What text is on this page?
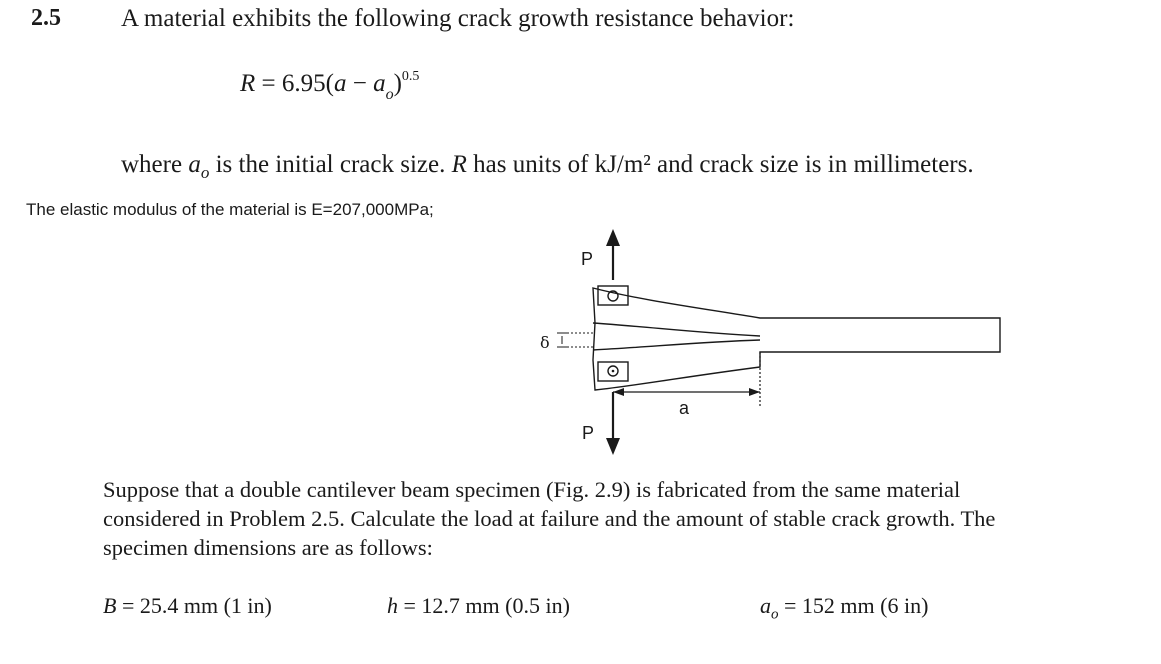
2.5 A material exhibits the following crack growth resistance behavior:
$R = 6.95(a - a_o)^{0.5}$
where $a_o$ is the initial crack size. R has units of kJ/m² and crack size is in millimeters.
The elastic modulus of the material is E=207,000MPa;
P
P
δ
a
Suppose that a double cantilever beam specimen (Fig. 2.9) is fabricated from the same material considered in Problem 2.5. Calculate the load at failure and the amount of stable crack growth. The specimen dimensions are as follows:
B = 25.4 mm (1 in)	h = 12.7 mm (0.5 in)	$a_o = 152$ mm (6 in)
